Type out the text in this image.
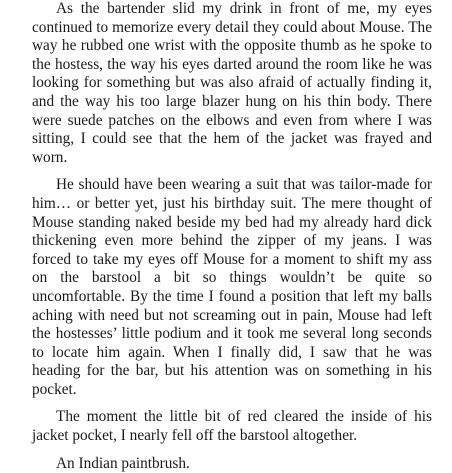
As the bartender slid my drink in front of me, my eyes continued to memorize every detail they could about Mouse. The way he rubbed one wrist with the opposite thumb as he spoke to the hostess, the way his eyes darted around the room like he was looking for something but was also afraid of actually finding it, and the way his too large blazer hung on his thin body. There were suede patches on the elbows and even from where I was sitting, I could see that the hem of the jacket was frayed and worn.

He should have been wearing a suit that was tailor-made for him… or better yet, just his birthday suit. The mere thought of Mouse standing naked beside my bed had my already hard dick thickening even more behind the zipper of my jeans. I was forced to take my eyes off Mouse for a moment to shift my ass on the barstool a bit so things wouldn’t be quite so uncomfortable. By the time I found a position that left my balls aching with need but not screaming out in pain, Mouse had left the hostesses’ little podium and it took me several long seconds to locate him again. When I finally did, I saw that he was heading for the bar, but his attention was on something in his pocket.

The moment the little bit of red cleared the inside of his jacket pocket, I nearly fell off the barstool altogether.

An Indian paintbrush.
